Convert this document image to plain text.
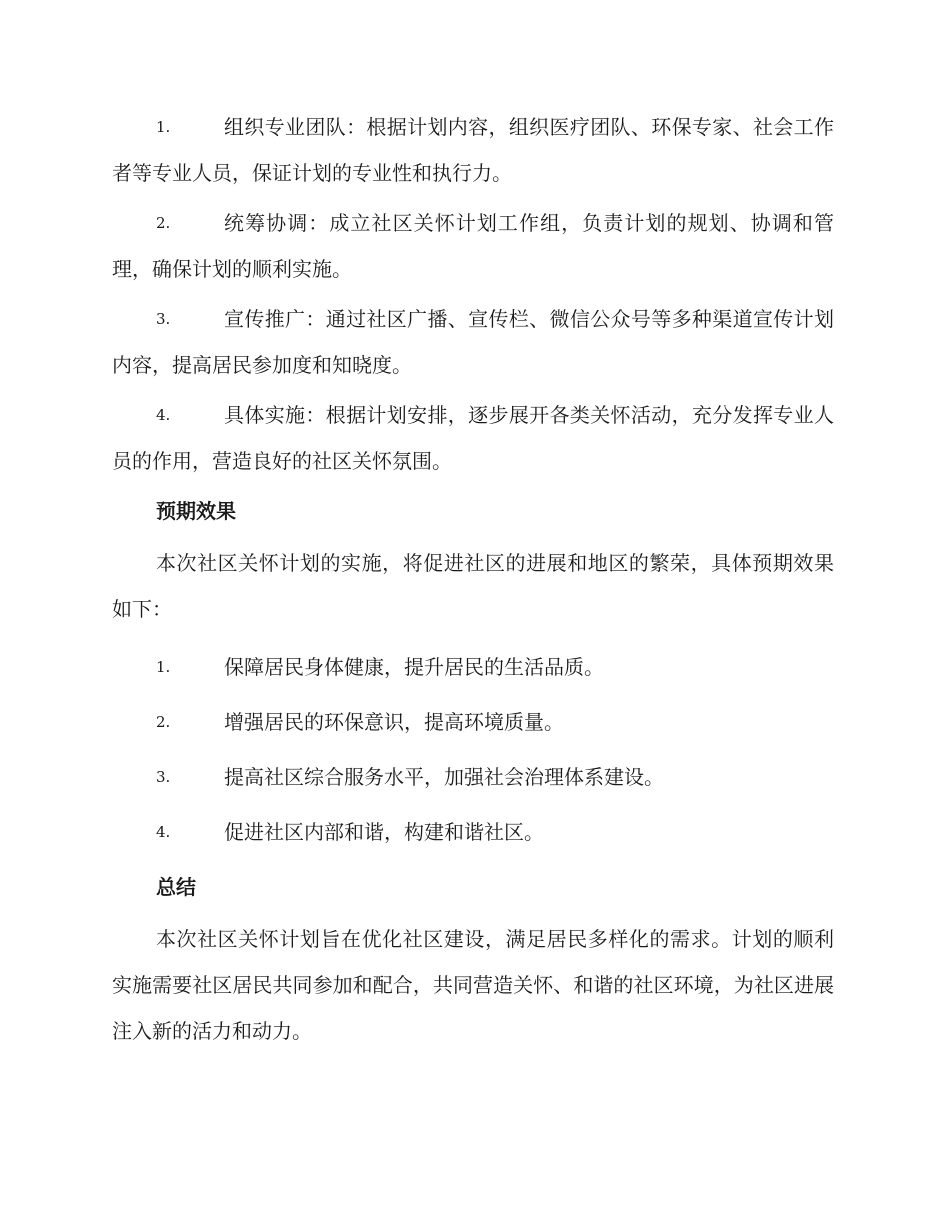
1.	组织专业团队：根据计划内容，组织医疗团队、环保专家、社会工作者等专业人员，保证计划的专业性和执行力。
2.	统筹协调：成立社区关怀计划工作组，负责计划的规划、协调和管理，确保计划的顺利实施。
3.	宣传推广：通过社区广播、宣传栏、微信公众号等多种渠道宣传计划内容，提高居民参加度和知晓度。
4.	具体实施：根据计划安排，逐步展开各类关怀活动，充分发挥专业人员的作用，营造良好的社区关怀氛围。
预期效果
本次社区关怀计划的实施，将促进社区的进展和地区的繁荣，具体预期效果如下：
1.	保障居民身体健康，提升居民的生活品质。
2.	增强居民的环保意识，提高环境质量。
3.	提高社区综合服务水平，加强社会治理体系建设。
4.	促进社区内部和谐，构建和谐社区。
总结
本次社区关怀计划旨在优化社区建设，满足居民多样化的需求。计划的顺利实施需要社区居民共同参加和配合，共同营造关怀、和谐的社区环境，为社区进展注入新的活力和动力。
